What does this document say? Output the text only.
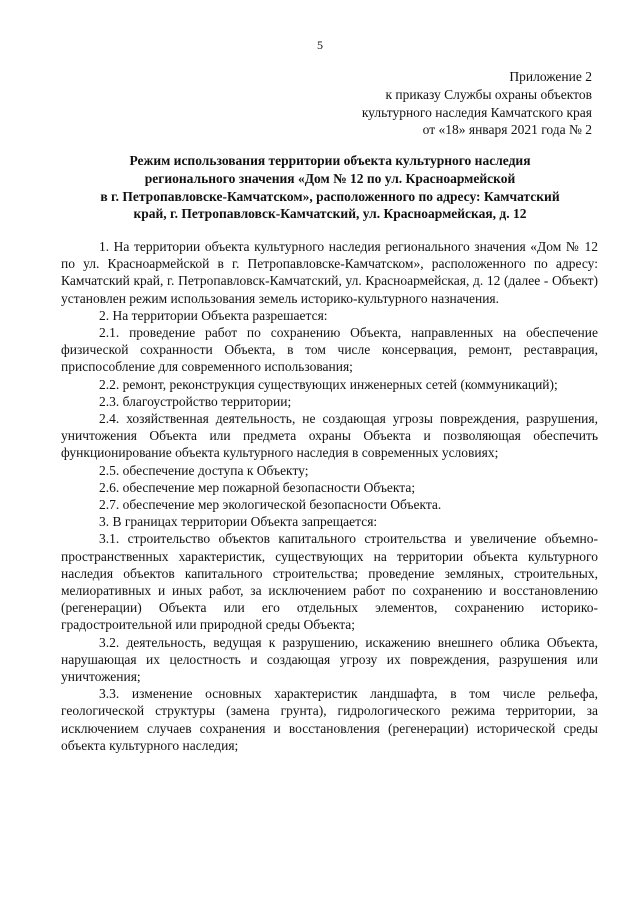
5
Приложение 2
к приказу Службы охраны объектов
культурного наследия Камчатского края
от «18» января 2021 года № 2
Режим использования территории объекта культурного наследия
регионального значения «Дом № 12 по ул. Красноармейской
в г. Петропавловске-Камчатском», расположенного по адресу: Камчатский
край, г. Петропавловск-Камчатский, ул. Красноармейская, д. 12

1. На территории объекта культурного наследия регионального значения «Дом № 12 по ул. Красноармейской в г. Петропавловске-Камчатском», расположенного по адресу: Камчатский край, г. Петропавловск-Камчатский, ул. Красноармейская, д. 12 (далее - Объект) установлен режим использования земель историко-культурного назначения.

2. На территории Объекта разрешается:

2.1. проведение работ по сохранению Объекта, направленных на обеспечение физической сохранности Объекта, в том числе консервация, ремонт, реставрация, приспособление для современного использования;

2.2. ремонт, реконструкция существующих инженерных сетей (коммуникаций);

2.3. благоустройство территории;

2.4. хозяйственная деятельность, не создающая угрозы повреждения, разрушения, уничтожения Объекта или предмета охраны Объекта и позволяющая обеспечить функционирование объекта культурного наследия в современных условиях;

2.5. обеспечение доступа к Объекту;

2.6. обеспечение мер пожарной безопасности Объекта;

2.7. обеспечение мер экологической безопасности Объекта.

3. В границах территории Объекта запрещается:

3.1. строительство объектов капитального строительства и увеличение объемно-пространственных характеристик, существующих на территории объекта культурного наследия объектов капитального строительства; проведение земляных, строительных, мелиоративных и иных работ, за исключением работ по сохранению и восстановлению (регенерации) Объекта или его отдельных элементов, сохранению историко-градостроительной или природной среды Объекта;

3.2. деятельность, ведущая к разрушению, искажению внешнего облика Объекта, нарушающая их целостность и создающая угрозу их повреждения, разрушения или уничтожения;

3.3. изменение основных характеристик ландшафта, в том числе рельефа, геологической структуры (замена грунта), гидрологического режима территории, за исключением случаев сохранения и восстановления (регенерации) исторической среды объекта культурного наследия;
